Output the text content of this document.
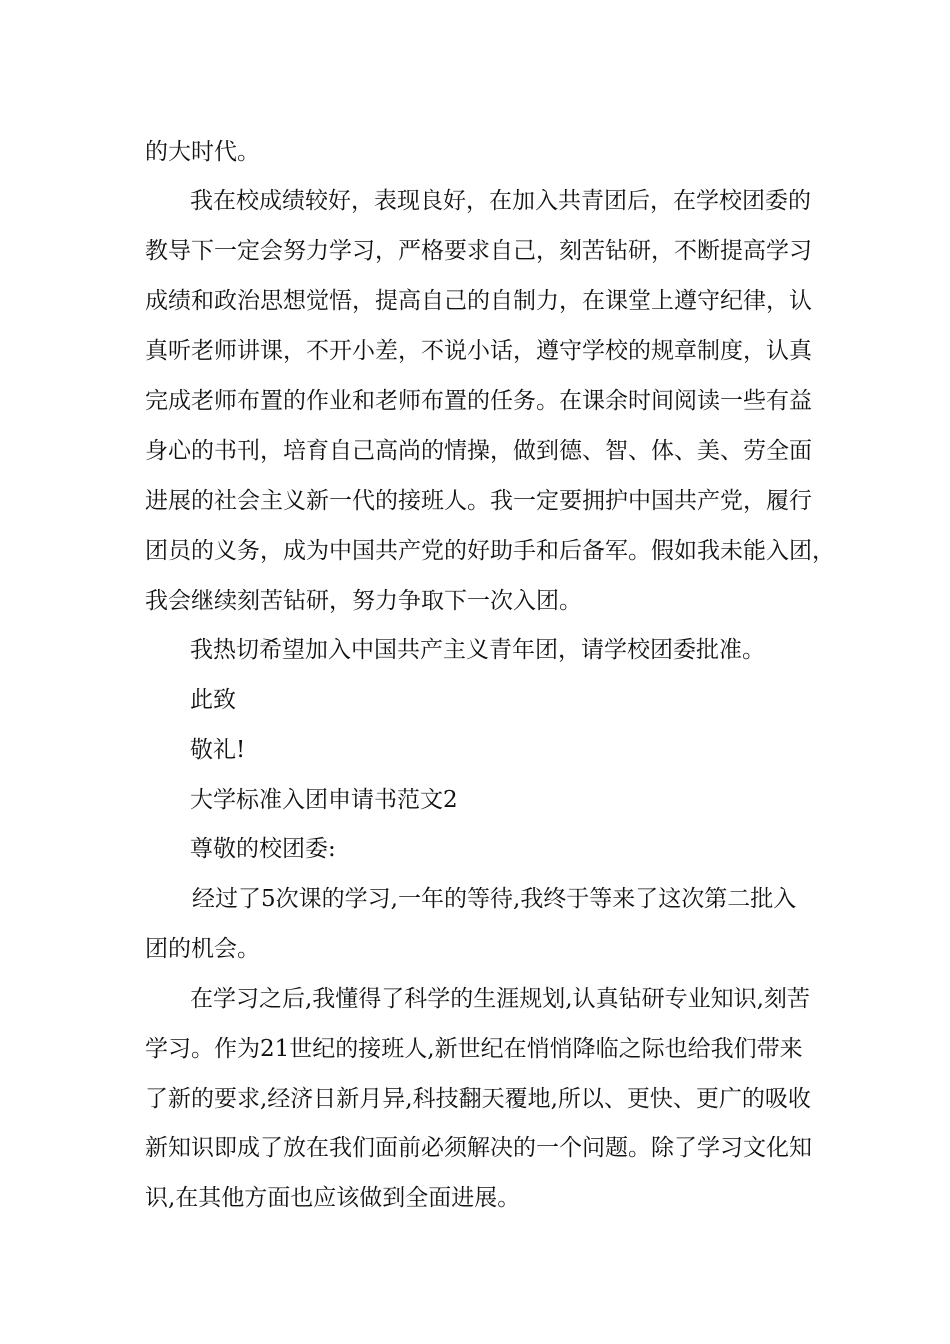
的大时代。
我在校成绩较好，表现良好，在加入共青团后，在学校团委的
教导下一定会努力学习，严格要求自己，刻苦钻研，不断提高学习
成绩和政治思想觉悟，提高自己的自制力，在课堂上遵守纪律，认
真听老师讲课，不开小差，不说小话，遵守学校的规章制度，认真
完成老师布置的作业和老师布置的任务。在课余时间阅读一些有益
身心的书刊，培育自己高尚的情操，做到德、智、体、美、劳全面
进展的社会主义新一代的接班人。我一定要拥护中国共产党，履行
团员的义务，成为中国共产党的好助手和后备军。假如我未能入团，
我会继续刻苦钻研，努力争取下一次入团。
我热切希望加入中国共产主义青年团，请学校团委批准。
此致
敬礼!
大学标准入团申请书范文2
尊敬的校团委:
经过了5次课的学习,一年的等待,我终于等来了这次第二批入
团的机会。
在学习之后,我懂得了科学的生涯规划,认真钻研专业知识,刻苦
学习。作为21世纪的接班人,新世纪在悄悄降临之际也给我们带来
了新的要求,经济日新月异,科技翻天覆地,所以、更快、更广的吸收
新知识即成了放在我们面前必须解决的一个问题。除了学习文化知
识,在其他方面也应该做到全面进展。
